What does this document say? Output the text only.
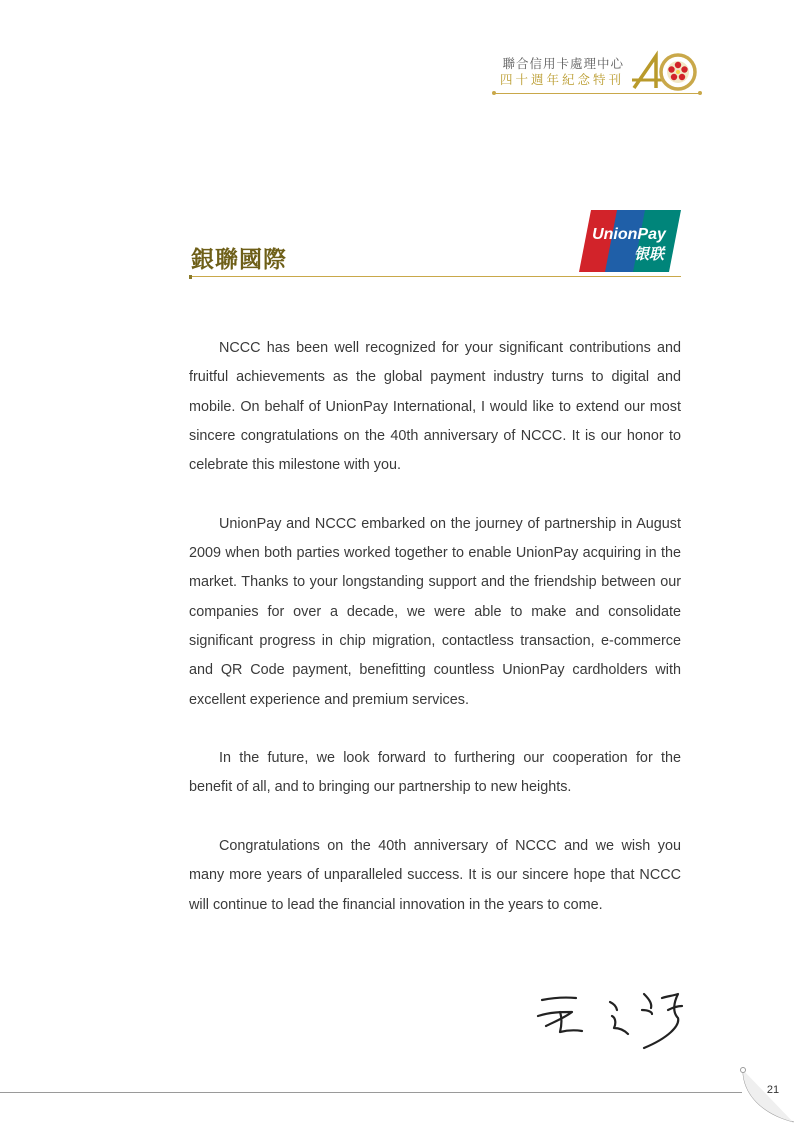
聯合信用卡處理中心
四十週年紀念特刊
銀聯國際
UnionPay
银联

NCCC has been well recognized for your significant contributions and fruitful achievements as the global payment industry turns to digital and mobile. On behalf of UnionPay International, I would like to extend our most sincere congratulations on the 40th anniversary of NCCC. It is our honor to celebrate this milestone with you.

UnionPay and NCCC embarked on the journey of partnership in August 2009 when both parties worked together to enable UnionPay acquiring in the market. Thanks to your longstanding support and the friendship between our companies for over a decade, we were able to make and consolidate significant progress in chip migration, contactless transaction, e-commerce and QR Code payment, benefitting countless UnionPay cardholders with excellent experience and premium services.

In the future, we look forward to furthering our cooperation for the benefit of all, and to bringing our partnership to new heights.

Congratulations on the 40th anniversary of NCCC and we wish you many more years of unparalleled success. It is our sincere hope that NCCC will continue to lead the financial innovation in the years to come.

21
